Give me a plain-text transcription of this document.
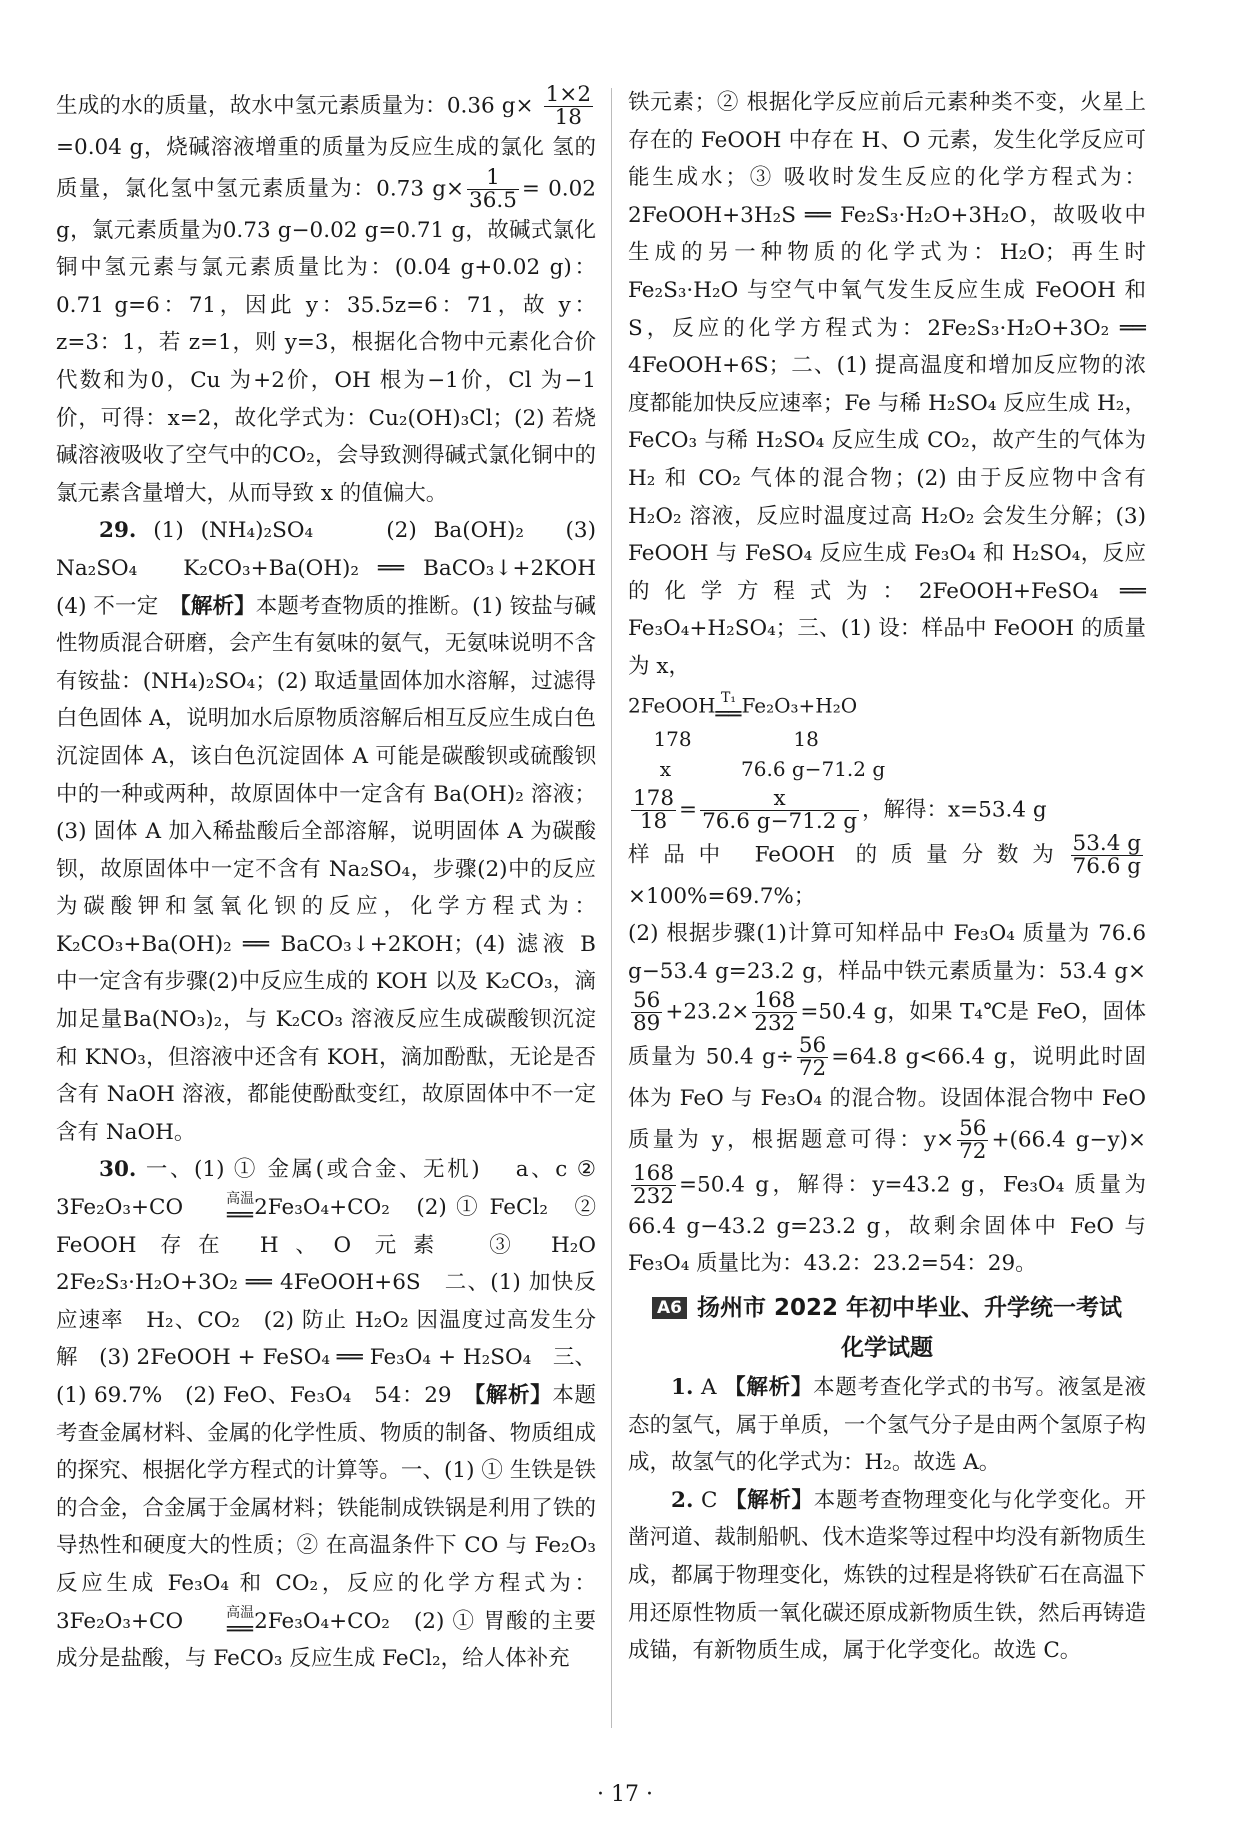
生成的水的质量，故水中氢元素质量为：0.36 $g\times \frac{1\times 2}{18}$
=0.04 g，烧碱溶液增重的质量为反应生成的氯化 氢的质量，氯化氢中氢元素质量为：0.73 $g\times \frac{1}{36.5} = 0.02$ g，氯元素质量为0.73 g−0.02 g=0.71 g，故碱式氯化铜中氢元素与氯元素质量比为：(0.04 g+0.02 g)：0.71 g=6：71，因此 y：35.5z=6：71，故 y：z=3：1，若 z=1，则 y=3，根据化合物中元素化合价代数和为0，Cu 为+2价，OH 根为−1价，Cl 为−1价，可得：x=2，故化学式为：Cu₂(OH)₃Cl；(2) 若烧碱溶液吸收了空气中的CO₂，会导致测得碱式氯化铜中的氯元素含量增大，从而导致 x 的值偏大。

29. (1) (NH₄)₂SO₄　　(2) Ba(OH)₂　(3) Na₂SO₄　K₂CO₃+Ba(OH)₂ ══ BaCO₃↓+2KOH　(4) 不一定　【解析】本题考查物质的推断。(1) 铵盐与碱性物质混合研磨，会产生有氨味的氨气，无氨味说明不含有铵盐：(NH₄)₂SO₄；(2) 取适量固体加水溶解，过滤得白色固体 A，说明加水后原物质溶解后相互反应生成白色沉淀固体 A，该白色沉淀固体 A 可能是碳酸钡或硫酸钡中的一种或两种，故原固体中一定含有 Ba(OH)₂ 溶液；(3) 固体 A 加入稀盐酸后全部溶解，说明固体 A 为碳酸钡，故原固体中一定不含有 Na₂SO₄，步骤(2)中的反应为碳酸钾和氢氧化钡的反应，化学方程式为：K₂CO₃+Ba(OH)₂ ══ BaCO₃↓+2KOH；(4) 滤液 B 中一定含有步骤(2)中反应生成的 KOH 以及 K₂CO₃，滴加足量Ba(NO₃)₂，与 K₂CO₃ 溶液反应生成碳酸钡沉淀和 KNO₃，但溶液中还含有 KOH，滴加酚酞，无论是否含有 NaOH 溶液，都能使酚酞变红，故原固体中不一定含有 NaOH。

30. 一、(1) ① 金属(或合金、无机)　 a、c ② 3Fe₂O₃+CO	高温
══ 2Fe₃O₄+CO₂　(2) ① FeCl₂　② FeOOH 存在 H、O 元素　③ H₂O　2Fe₂S₃·H₂O+3O₂ ══ 4FeOOH+6S　二、(1) 加快反应速率　H₂、CO₂　(2) 防止 H₂O₂ 因温度过高发生分解　(3) 2FeOOH + FeSO₄ ══ Fe₃O₄ + H₂SO₄　三、(1) 69.7%　(2) FeO、Fe₃O₄　54：29　【解析】本题考查金属材料、金属的化学性质、物质的制备、物质组成的探究、根据化学方程式的计算等。一、(1) ① 生铁是铁的合金，合金属于金属材料；铁能制成铁锅是利用了铁的导热性和硬度大的性质；② 在高温条件下 CO 与 Fe₂O₃ 反应生成 Fe₃O₄ 和 CO₂，反应的化学方程式为：3Fe₂O₃+CO	高温
══ 2Fe₃O₄+CO₂　(2) ① 胃酸的主要成分是盐酸，与 FeCO₃ 反应生成 FeCl₂，给人体补充

铁元素；② 根据化学反应前后元素种类不变，火星上存在的 FeOOH 中存在 H、O 元素，发生化学反应可能生成水；③ 吸收时发生反应的化学方程式为：2FeOOH+3H₂S ══ Fe₂S₃·H₂O+3H₂O，故吸收中生成的另一种物质的化学式为：H₂O；再生时 Fe₂S₃·H₂O 与空气中氧气发生反应生成 FeOOH 和 S，反应的化学方程式为：2Fe₂S₃·H₂O+3O₂ ══ 4FeOOH+6S；二、(1) 提高温度和增加反应物的浓度都能加快反应速率；Fe 与稀 H₂SO₄ 反应生成 H₂，FeCO₃ 与稀 H₂SO₄ 反应生成 CO₂，故产生的气体为 H₂ 和 CO₂ 气体的混合物；(2) 由于反应物中含有 H₂O₂ 溶液，反应时温度过高 H₂O₂ 会发生分解；(3) FeOOH 与 FeSO₄ 反应生成 Fe₃O₄ 和 H₂SO₄，反应的化学方程式为：2FeOOH+FeSO₄ ══ Fe₃O₄+H₂SO₄；三、(1) 设：样品中 FeOOH 的质量为 x，

2FeOOH T₁
══ Fe₂O₃+H₂O
178	18
x	76.6 g−71.2 g

$\frac{178}{18} = \frac{x}{76.6 g-71.2 g}$ ，解得：x=53.4 g

样品中 FeOOH 的质量分数为 $\frac{53.4 g}{76.6 g}$
×100%=69.7%；

(2) 根据步骤(1)计算可知样品中 Fe₃O₄ 质量为 76.6 g−53.4 g=23.2 g，样品中铁元素质量为：53.4 g×
$\frac{56}{89} +23.2\times \frac{168}{232} =50.4$ g，如果 T₄℃是 FeO，固体质量为 50.4 $g\div \frac{56}{72} =64.8$ g<66.4 g，说明此时固体为 FeO 与 Fe₃O₄ 的混合物。设固体混合物中 FeO 质量为 y，根据题意可得：$y\times \frac{56}{72} +(66.4$ g−y)×
$\frac{168}{232} =50.4$ g，解得：y=43.2 g，Fe₃O₄ 质量为 66.4 g−43.2 g=23.2 g，故剩余固体中 FeO 与 Fe₃O₄ 质量比为：43.2：23.2=54：29。

A6 扬州市 2022 年初中毕业、升学统一考试
化学试题

1. A 【解析】本题考查化学式的书写。液氢是液态的氢气，属于单质，一个氢气分子是由两个氢原子构成，故氢气的化学式为：H₂。故选 A。

2. C 【解析】本题考查物理变化与化学变化。开凿河道、裁制船帆、伐木造桨等过程中均没有新物质生成，都属于物理变化，炼铁的过程是将铁矿石在高温下用还原性物质一氧化碳还原成新物质生铁，然后再铸造成锚，有新物质生成，属于化学变化。故选 C。

· 17 ·
